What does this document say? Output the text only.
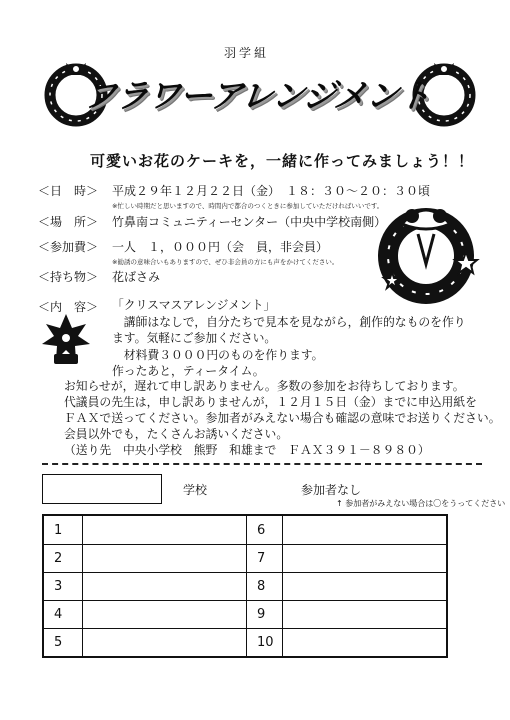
羽学組
フラワーアレンジメント
可愛いお花のケーキを，一緒に作ってみましょう！！
＜日　時＞ 平成２９年１２月２２日（金）　１８：３０～２０：３０頃
※忙しい時期だと思いますので、時間内で都合のつくときに参加していただければいいです。
＜場　所＞ 竹鼻南コミュニティーセンター（中央中学校南側）
＜参加費＞ 一人　１，０００円（会　員，非会員）
※勧誘の意味合いもありますので、ぜひ非会員の方にも声をかけてください。
＜持ち物＞ 花ばさみ
＜内　容＞ 「クリスマスアレンジメント」
　講師はなしで，自分たちで見本を見ながら，創作的なものを作り
ます。気軽にご参加ください。
　材料費３０００円のものを作ります。
作ったあと，ティータイム。
お知らせが，遅れて申し訳ありません。多数の参加をお待ちしております。
代議員の先生は，申し訳ありませんが，１２月１５日（金）までに申込用紙を
ＦＡＸで送ってください。参加者がみえない場合も確認の意味でお送りください。
会員以外でも，たくさんお誘いください。
（送り先　中央小学校　熊野　和雄まで　ＦＡＸ３９１－８９８０）
学校	参加者なし
↑ 参加者がみえない場合は〇をうってください
1
2
3
4
5
6
7
8
9
10
